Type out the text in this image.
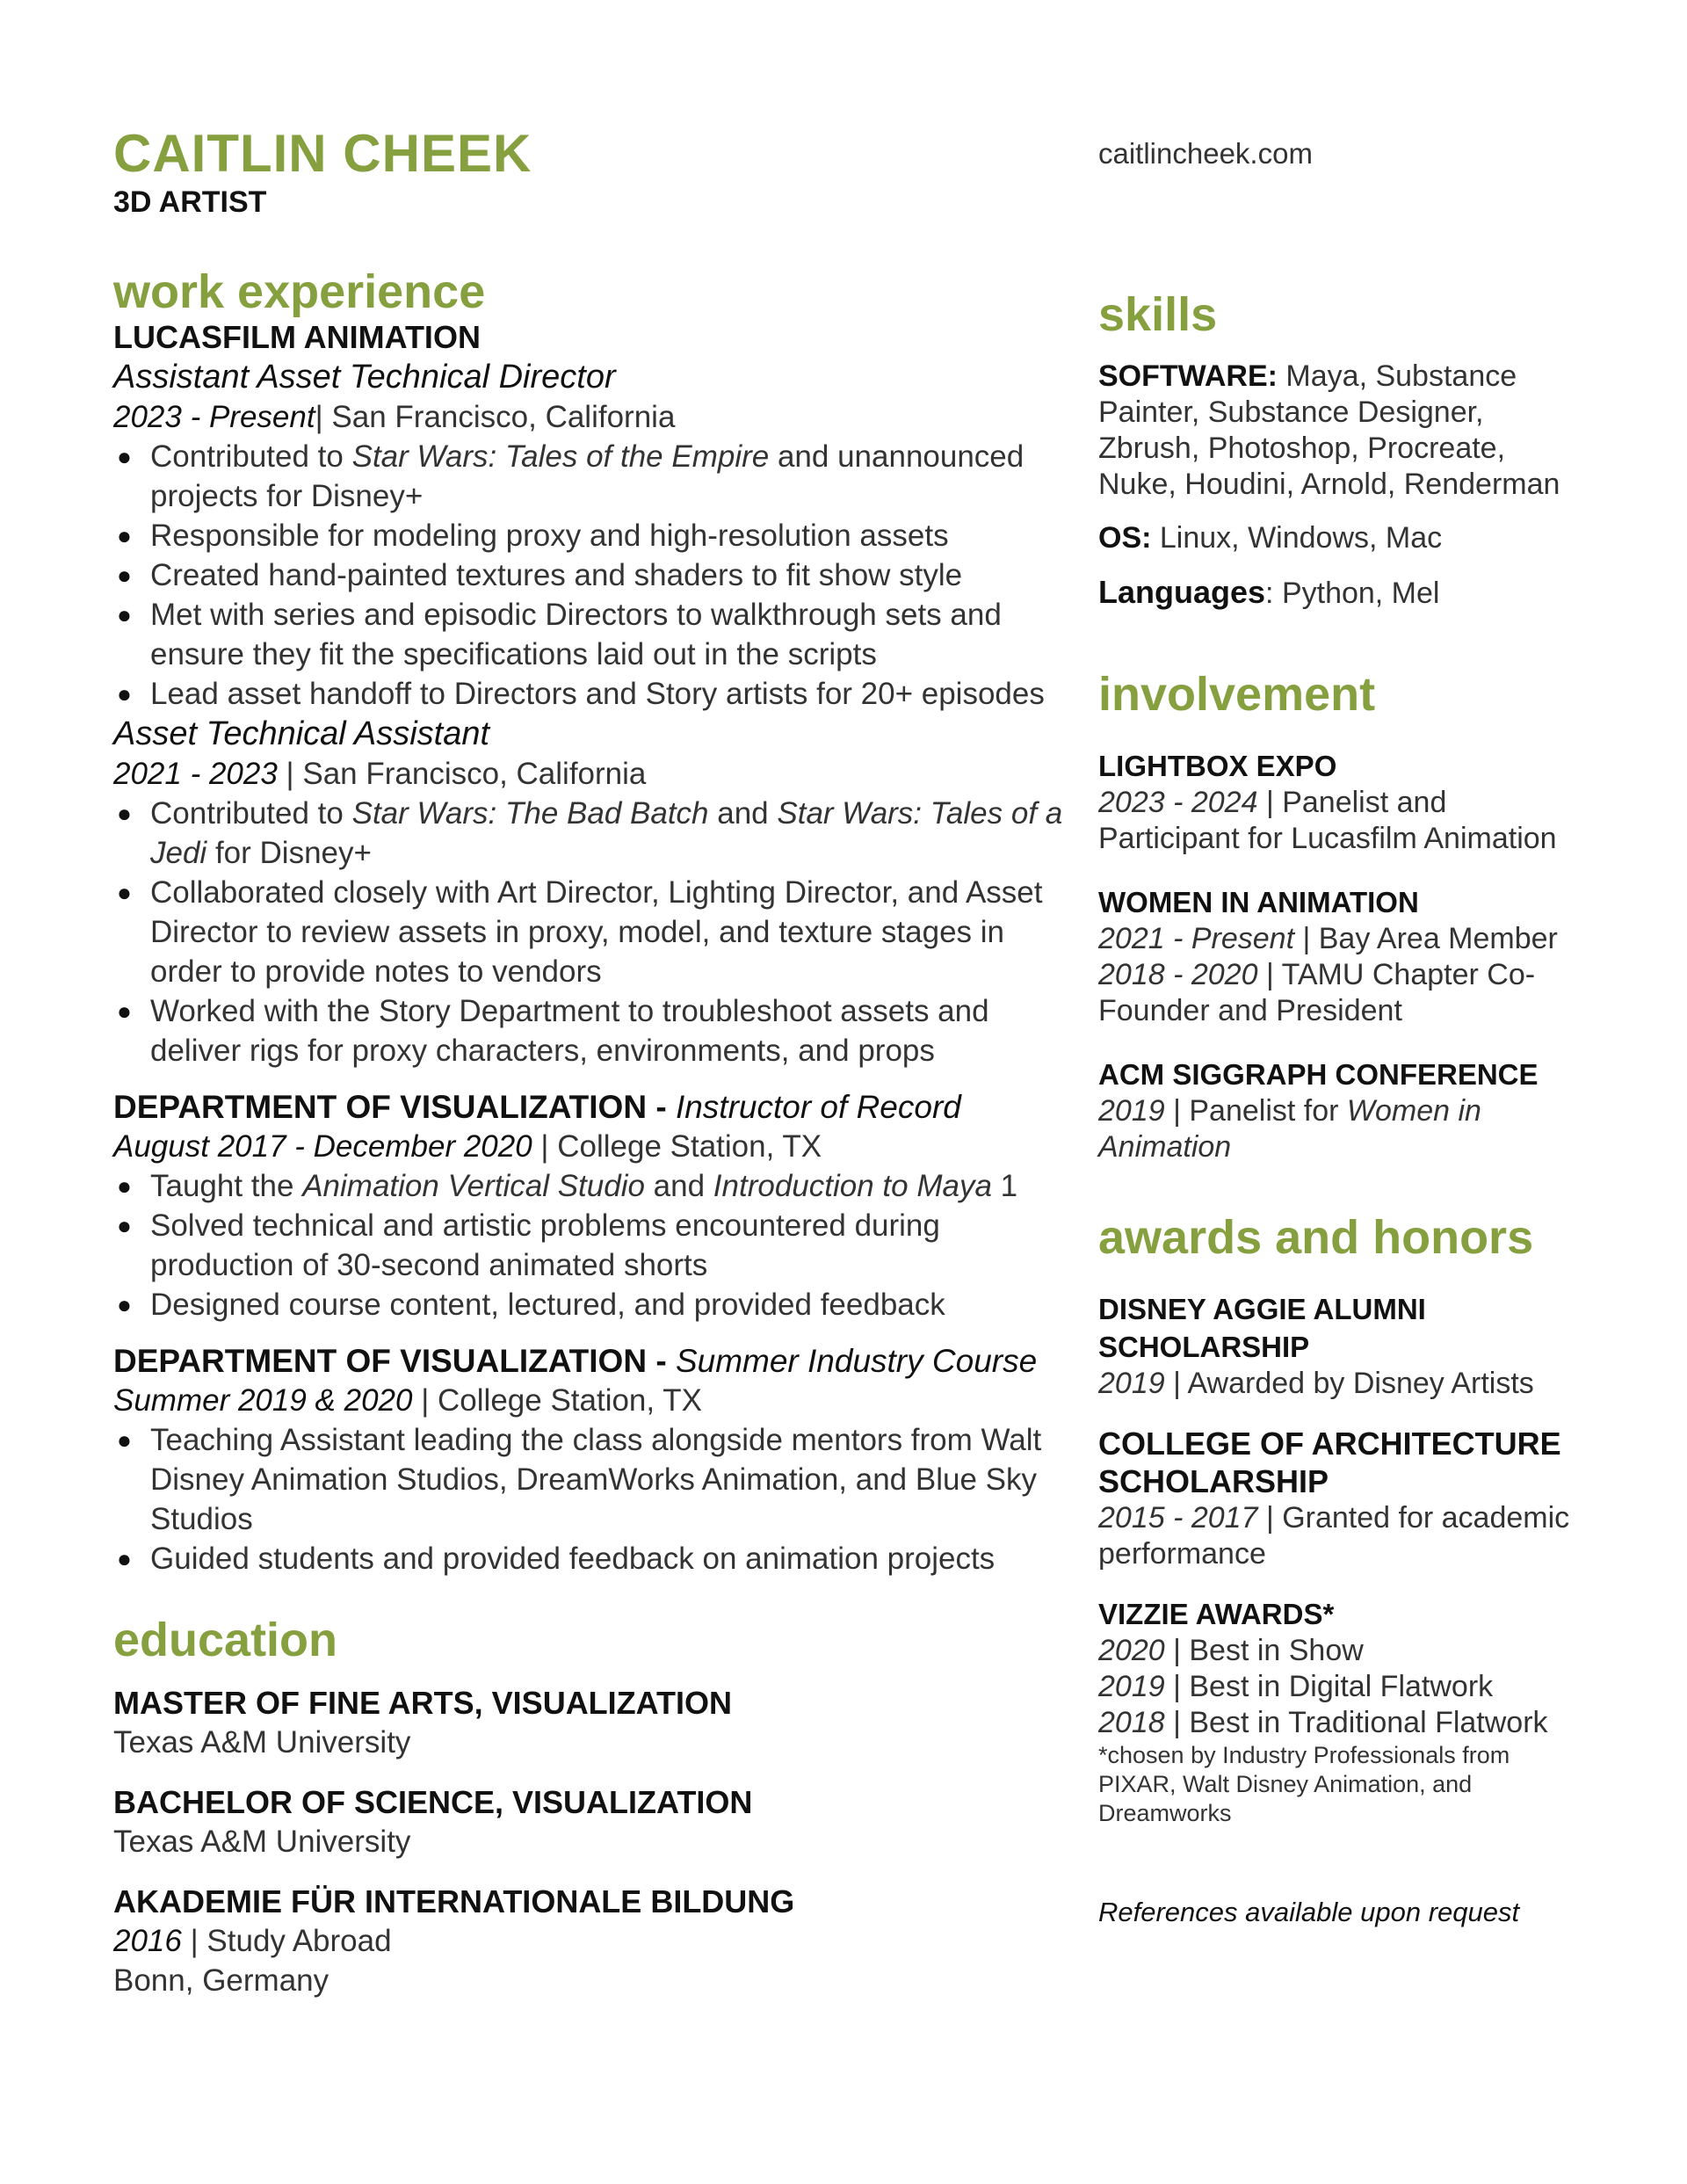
CAITLIN CHEEK
3D ARTIST
work experience
LUCASFILM ANIMATION
Assistant Asset Technical Director
2023 - Present| San Francisco, California
● Contributed to Star Wars: Tales of the Empire and unannounced projects for Disney+
● Responsible for modeling proxy and high-resolution assets
● Created hand-painted textures and shaders to fit show style
● Met with series and episodic Directors to walkthrough sets and ensure they fit the specifications laid out in the scripts
● Lead asset handoff to Directors and Story artists for 20+ episodes
Asset Technical Assistant
2021 - 2023 | San Francisco, California
● Contributed to Star Wars: The Bad Batch and Star Wars: Tales of a Jedi for Disney+
● Collaborated closely with Art Director, Lighting Director, and Asset Director to review assets in proxy, model, and texture stages in order to provide notes to vendors
● Worked with the Story Department to troubleshoot assets and deliver rigs for proxy characters, environments, and props
DEPARTMENT OF VISUALIZATION - Instructor of Record
August 2017 - December 2020 | College Station, TX
● Taught the Animation Vertical Studio and Introduction to Maya 1
● Solved technical and artistic problems encountered during production of 30-second animated shorts
● Designed course content, lectured, and provided feedback
DEPARTMENT OF VISUALIZATION - Summer Industry Course
Summer 2019 & 2020 | College Station, TX
● Teaching Assistant leading the class alongside mentors from Walt Disney Animation Studios, DreamWorks Animation, and Blue Sky Studios
● Guided students and provided feedback on animation projects
education
MASTER OF FINE ARTS, VISUALIZATION
Texas A&M University
BACHELOR OF SCIENCE, VISUALIZATION
Texas A&M University
AKADEMIE FÜR INTERNATIONALE BILDUNG
2016 | Study Abroad
Bonn, Germany
caitlincheek.com
skills
SOFTWARE: Maya, Substance Painter, Substance Designer, Zbrush, Photoshop, Procreate, Nuke, Houdini, Arnold, Renderman
OS: Linux, Windows, Mac
Languages: Python, Mel
involvement
LIGHTBOX EXPO
2023 - 2024 | Panelist and Participant for Lucasfilm Animation
WOMEN IN ANIMATION
2021 - Present | Bay Area Member
2018 - 2020 | TAMU Chapter Co-Founder and President
ACM SIGGRAPH CONFERENCE
2019 | Panelist for Women in Animation
awards and honors
DISNEY AGGIE ALUMNI SCHOLARSHIP
2019 | Awarded by Disney Artists
COLLEGE OF ARCHITECTURE SCHOLARSHIP
2015 - 2017 | Granted for academic performance
VIZZIE AWARDS*
2020 | Best in Show
2019 | Best in Digital Flatwork
2018 | Best in Traditional Flatwork
*chosen by Industry Professionals from PIXAR, Walt Disney Animation, and Dreamworks
References available upon request
